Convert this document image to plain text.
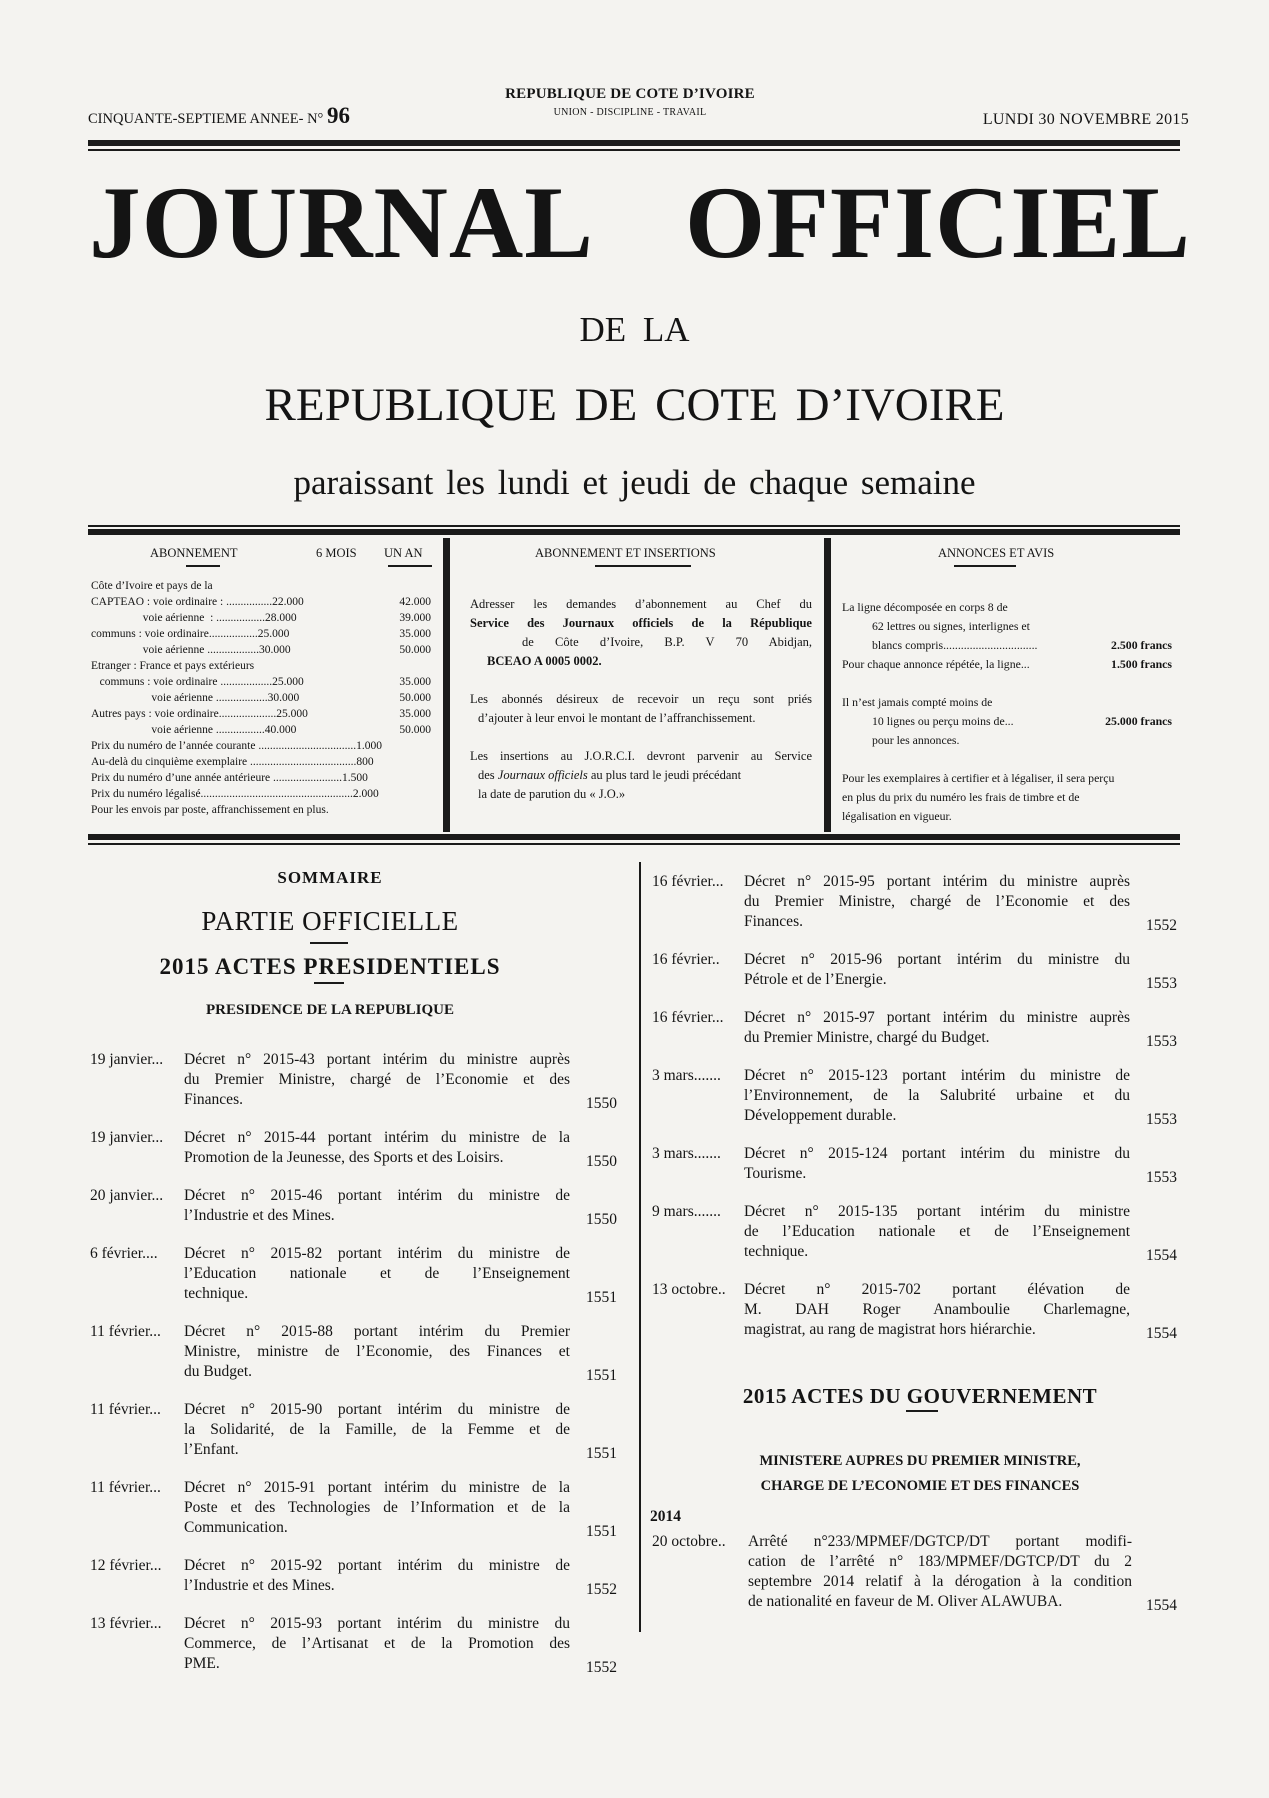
REPUBLIQUE DE COTE D’IVOIRE
UNION - DISCIPLINE - TRAVAIL
CINQUANTE-SEPTIEME ANNEE- N° 96	LUNDI 30 NOVEMBRE 2015
JOURNAL OFFICIEL
DE LA
REPUBLIQUE DE COTE D’IVOIRE
paraissant les lundi et jeudi de chaque semaine
ABONNEMENT	6 MOIS UN AN
Côte d’Ivoire et pays de la
CAPTEAO : voie ordinaire : ................22.000	42.000
voie aérienne  : .................28.000	39.000
communs : voie ordinaire.................25.000	35.000
voie aérienne ..................30.000	50.000
Etranger : France et pays extérieurs
communs : voie ordinaire ..................25.000	35.000
voie aérienne ..................30.000	50.000
Autres pays : voie ordinaire....................25.000	35.000
voie aérienne .................40.000	50.000
Prix du numéro de l’année courante ..................................1.000
Au-delà du cinquième exemplaire .....................................800
Prix du numéro d’une année antérieure ........................1.500
Prix du numéro légalisé.....................................................2.000
Pour les envois par poste, affranchissement en plus.
ABONNEMENT ET INSERTIONS
Adresser les demandes d’abonnement au Chef du
Service des Journaux officiels de la République
de Côte d’Ivoire, B.P. V 70 Abidjan,
BCEAO A 0005 0002.
Les abonnés désireux de recevoir un reçu sont priés
d’ajouter à leur envoi le montant de l’affranchissement.
Les insertions au J.O.R.C.I. devront parvenir au Service
des Journaux officiels au plus tard le jeudi précédant
la date de parution du « J.O.»
ANNONCES ET AVIS
La ligne décomposée en corps 8 de
62 lettres ou signes, interlignes et
blancs compris................................	2.500 francs
Pour chaque annonce répétée, la ligne...	1.500 francs
Il n’est jamais compté moins de
10 lignes ou perçu moins de...	25.000 francs
pour les annonces.
Pour les exemplaires à certifier et à légaliser, il sera perçu
en plus du prix du numéro les frais de timbre et de
légalisation en vigueur.
SOMMAIRE
PARTIE OFFICIELLE
2015 ACTES PRESIDENTIELS
PRESIDENCE DE LA REPUBLIQUE
19 janvier... Décret n° 2015-43 portant intérim du ministre auprès
du Premier Ministre, chargé de l’Economie et des
Finances.	1550
19 janvier... Décret n° 2015-44 portant intérim du ministre de la
Promotion de la Jeunesse, des Sports et des Loisirs.	1550
20 janvier... Décret n° 2015-46 portant intérim du ministre de
l’Industrie et des Mines.	1550
6 février.... Décret n° 2015-82 portant intérim du ministre de
l’Education nationale et de l’Enseignement
technique.	1551
11 février... Décret n° 2015-88 portant intérim du Premier
Ministre, ministre de l’Economie, des Finances et
du Budget.	1551
11 février... Décret n° 2015-90 portant intérim du ministre de
la Solidarité, de la Famille, de la Femme et de
l’Enfant.	1551
11 février... Décret n° 2015-91 portant intérim du ministre de la
Poste et des Technologies de l’Information et de la
Communication.	1551
12 février... Décret n° 2015-92 portant intérim du ministre de
l’Industrie et des Mines.	1552
13 février... Décret n° 2015-93 portant intérim du ministre du
Commerce, de l’Artisanat et de la Promotion des
PME.	1552
16 février... Décret n° 2015-95 portant intérim du ministre auprès
du Premier Ministre, chargé de l’Economie et des
Finances.	1552
16 février.. Décret n° 2015-96 portant intérim du ministre du
Pétrole et de l’Energie.	1553
16 février... Décret n° 2015-97 portant intérim du ministre auprès
du Premier Ministre, chargé du Budget.	1553
3 mars....... Décret n° 2015-123 portant intérim du ministre de
l’Environnement, de la Salubrité urbaine et du
Développement durable.	1553
3 mars....... Décret n° 2015-124 portant intérim du ministre du
Tourisme.	1553
9 mars....... Décret n° 2015-135 portant intérim du ministre
de l’Education nationale et de l’Enseignement
technique.	1554
13 octobre.. Décret n° 2015-702 portant élévation de
M. DAH Roger Anamboulie Charlemagne,
magistrat, au rang de magistrat hors hiérarchie.	1554
2015 ACTES DU GOUVERNEMENT
MINISTERE AUPRES DU PREMIER MINISTRE,
CHARGE DE L’ECONOMIE ET DES FINANCES
2014
20 octobre.. Arrêté n°233/MPMEF/DGTCP/DT portant modifi-
cation de l’arrêté n° 183/MPMEF/DGTCP/DT du 2
septembre 2014 relatif à la dérogation à la condition
de nationalité en faveur de M. Oliver ALAWUBA.	1554
